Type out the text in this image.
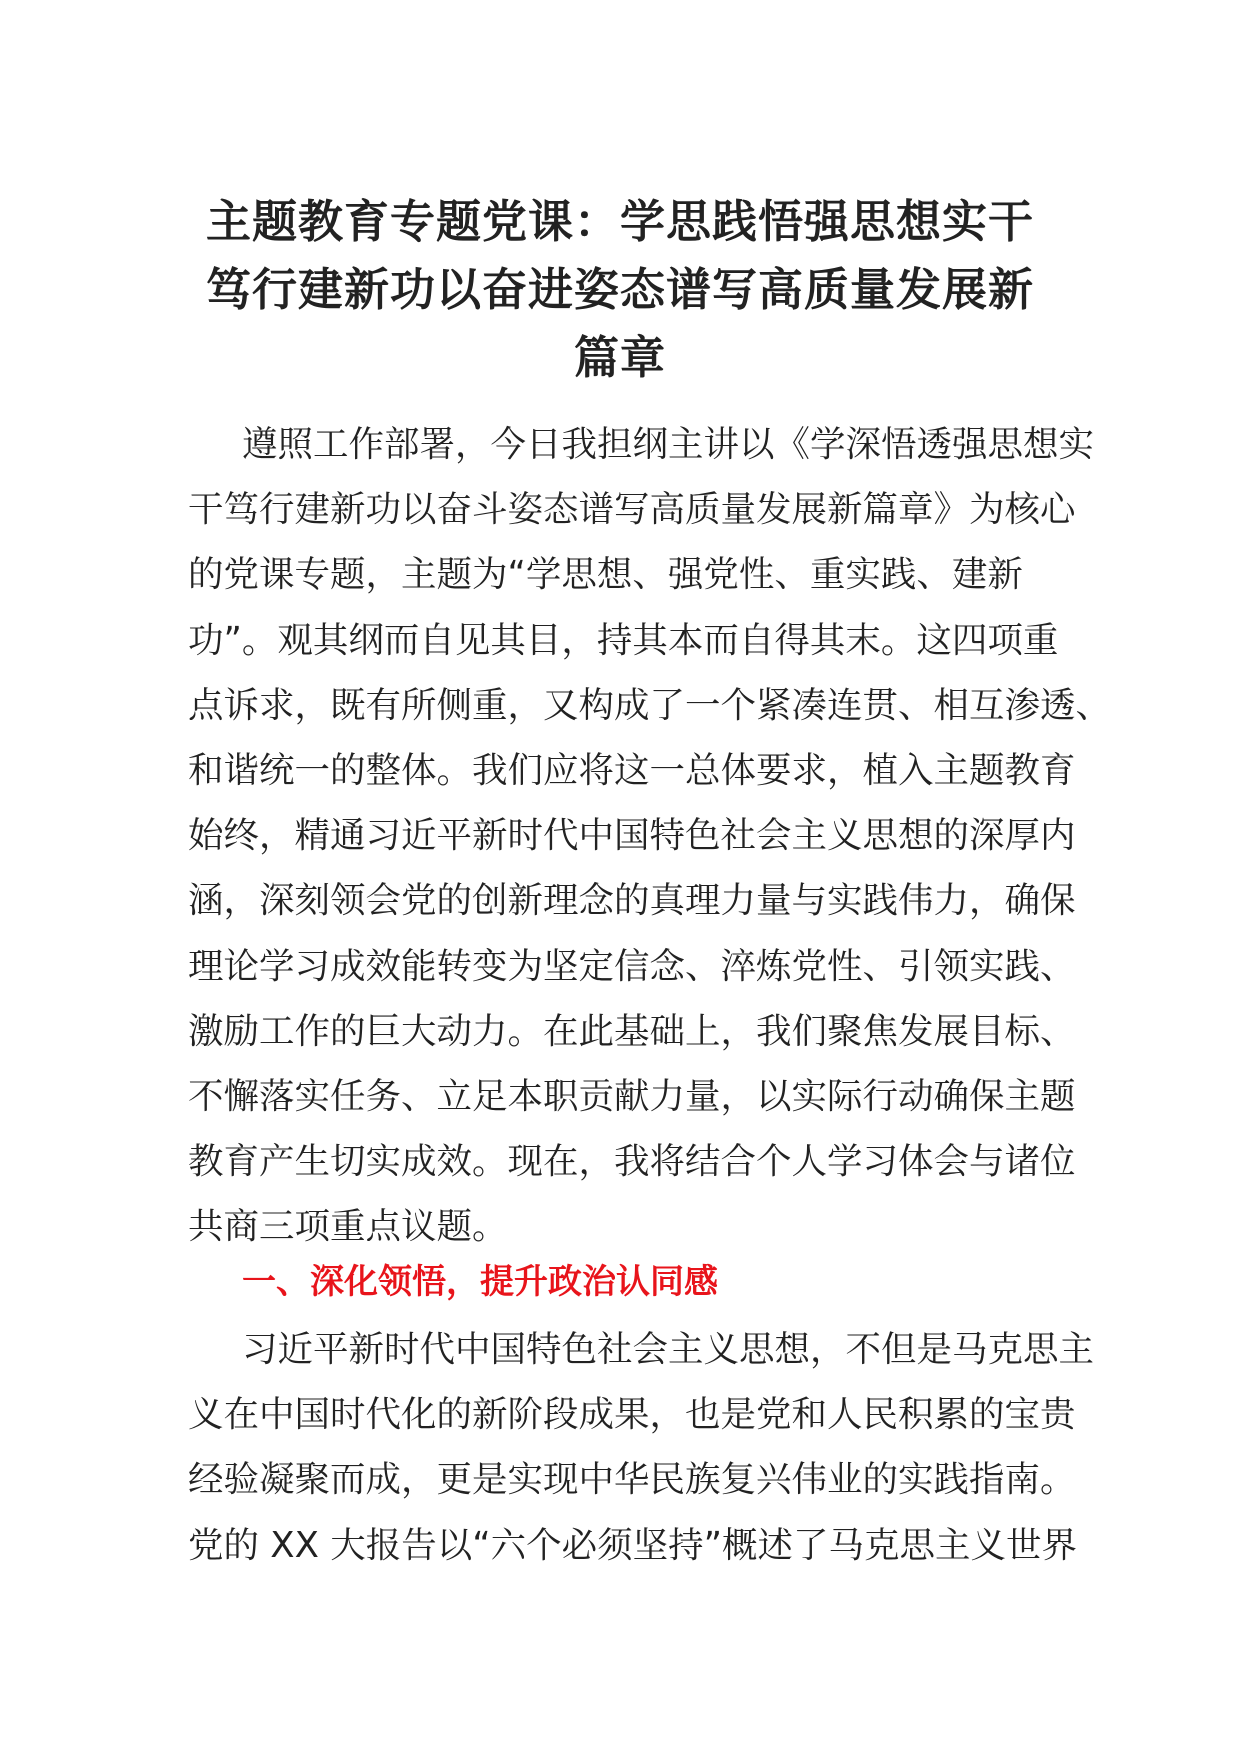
主题教育专题党课：学思践悟强思想实干
笃行建新功以奋进姿态谱写高质量发展新
篇章

遵照工作部署，今日我担纲主讲以《学深悟透强思想实
干笃行建新功以奋斗姿态谱写高质量发展新篇章》为核心
的党课专题，主题为“学思想、强党性、重实践、建新
功”。观其纲而自见其目，持其本而自得其末。这四项重
点诉求，既有所侧重，又构成了一个紧凑连贯、相互渗透、
和谐统一的整体。我们应将这一总体要求，植入主题教育
始终，精通习近平新时代中国特色社会主义思想的深厚内
涵，深刻领会党的创新理念的真理力量与实践伟力，确保
理论学习成效能转变为坚定信念、淬炼党性、引领实践、
激励工作的巨大动力。在此基础上，我们聚焦发展目标、
不懈落实任务、立足本职贡献力量，以实际行动确保主题
教育产生切实成效。现在，我将结合个人学习体会与诸位
共商三项重点议题。

一、深化领悟，提升政治认同感

习近平新时代中国特色社会主义思想，不但是马克思主
义在中国时代化的新阶段成果，也是党和人民积累的宝贵
经验凝聚而成，更是实现中华民族复兴伟业的实践指南。
党的 XX 大报告以“六个必须坚持”概述了马克思主义世界
